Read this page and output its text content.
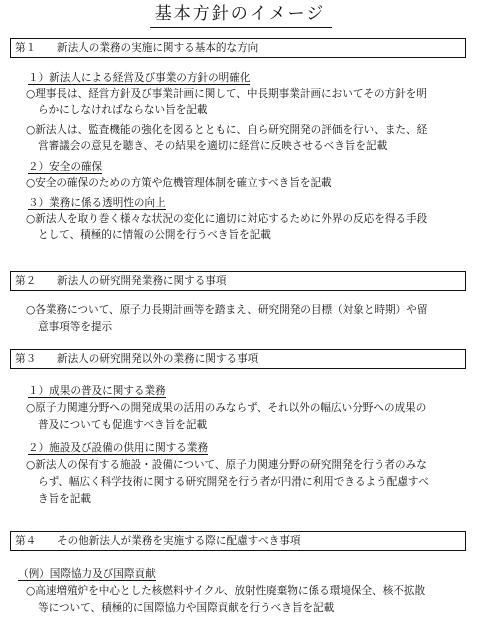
基本方針のイメージ
第１ 新法人の業務の実施に関する基本的な方向
１）新法人による経営及び事業の方針の明確化
○理事長は、経営方針及び事業計画に関して、中長期事業計画においてその方針を明
らかにしなければならない旨を記載
○新法人は、監査機能の強化を図るとともに、自ら研究開発の評価を行い、また、経
営審議会の意見を聴き、その結果を適切に経営に反映させるべき旨を記載
２）安全の確保
○安全の確保のための方策や危機管理体制を確立すべき旨を記載
３）業務に係る透明性の向上
○新法人を取り巻く様々な状況の変化に適切に対応するために外界の反応を得る手段
として、積極的に情報の公開を行うべき旨を記載
第２ 新法人の研究開発業務に関する事項
○各業務について、原子力長期計画等を踏まえ、研究開発の目標（対象と時期）や留
意事項等を提示
第３ 新法人の研究開発以外の業務に関する事項
１）成果の普及に関する業務
○原子力関連分野への開発成果の活用のみならず、それ以外の幅広い分野への成果の
普及についても促進すべき旨を記載
２）施設及び設備の供用に関する業務
○新法人の保有する施設・設備について、原子力関連分野の研究開発を行う者のみな
らず、幅広く科学技術に関する研究開発を行う者が円滑に利用できるよう配慮すべ
き旨を記載
第４ その他新法人が業務を実施する際に配慮すべき事項
（例）国際協力及び国際貢献
○高速増殖炉を中心とした核燃料サイクル、放射性廃棄物に係る環境保全、核不拡散
等について、積極的に国際協力や国際貢献を行うべき旨を記載
